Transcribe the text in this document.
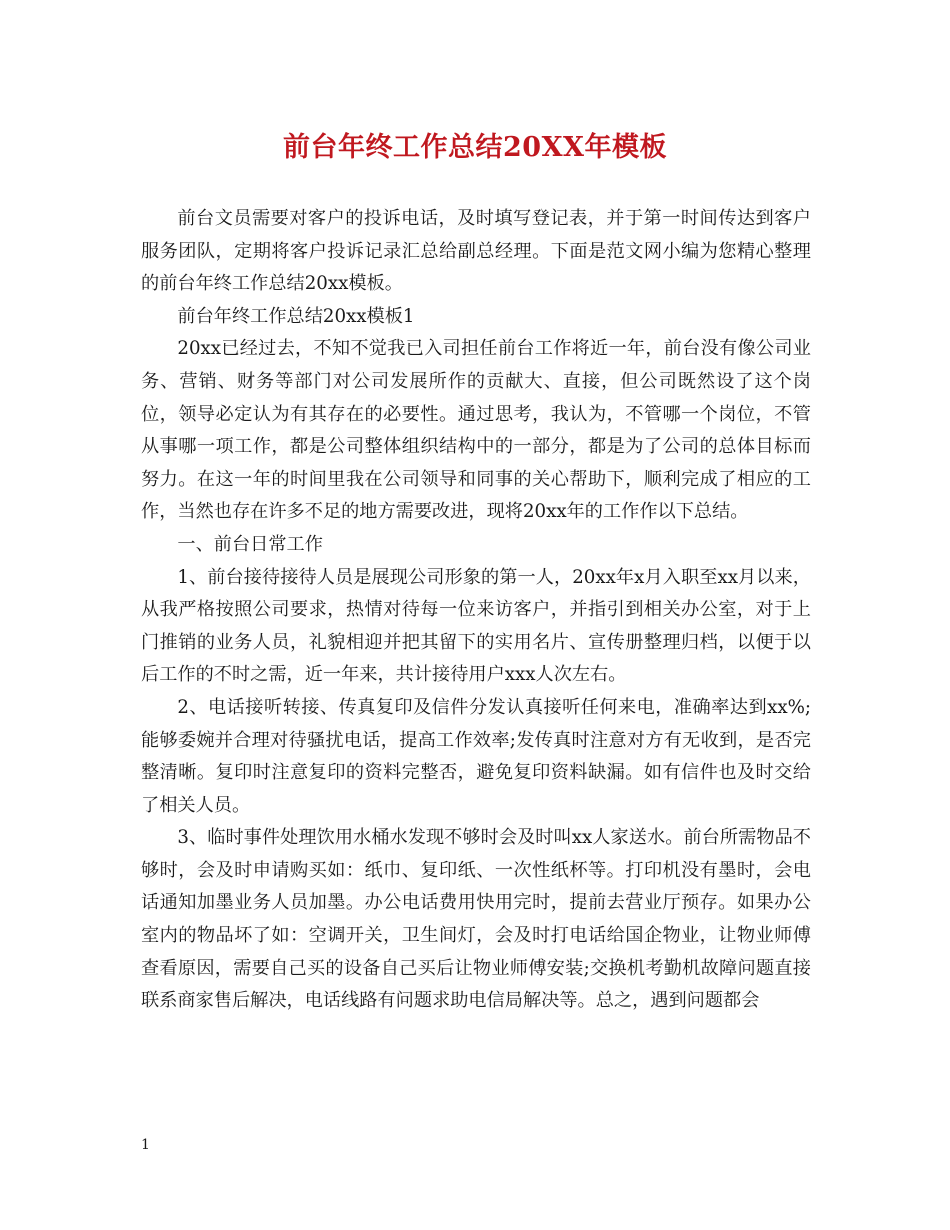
前台年终工作总结20XX年模板

前台文员需要对客户的投诉电话，及时填写登记表，并于第一时间传达到客户服务团队，定期将客户投诉记录汇总给副总经理。下面是范文网小编为您精心整理的前台年终工作总结20xx模板。

前台年终工作总结20xx模板1

20xx已经过去，不知不觉我已入司担任前台工作将近一年，前台没有像公司业务、营销、财务等部门对公司发展所作的贡献大、直接，但公司既然设了这个岗位，领导必定认为有其存在的必要性。通过思考，我认为，不管哪一个岗位，不管从事哪一项工作，都是公司整体组织结构中的一部分，都是为了公司的总体目标而努力。在这一年的时间里我在公司领导和同事的关心帮助下，顺利完成了相应的工作，当然也存在许多不足的地方需要改进，现将20xx年的工作作以下总结。

一、前台日常工作

1、前台接待接待人员是展现公司形象的第一人，20xx年x月入职至xx月以来，从我严格按照公司要求，热情对待每一位来访客户，并指引到相关办公室，对于上门推销的业务人员，礼貌相迎并把其留下的实用名片、宣传册整理归档，以便于以后工作的不时之需，近一年来，共计接待用户xxx人次左右。

2、电话接听转接、传真复印及信件分发认真接听任何来电，准确率达到xx%;能够委婉并合理对待骚扰电话，提高工作效率;发传真时注意对方有无收到，是否完整清晰。复印时注意复印的资料完整否，避免复印资料缺漏。如有信件也及时交给了相关人员。

3、临时事件处理饮用水桶水发现不够时会及时叫xx人家送水。前台所需物品不够时，会及时申请购买如：纸巾、复印纸、一次性纸杯等。打印机没有墨时，会电话通知加墨业务人员加墨。办公电话费用快用完时，提前去营业厅预存。如果办公室内的物品坏了如：空调开关，卫生间灯，会及时打电话给国企物业，让物业师傅查看原因，需要自己买的设备自己买后让物业师傅安装;交换机考勤机故障问题直接联系商家售后解决，电话线路有问题求助电信局解决等。总之，遇到问题都会

1
